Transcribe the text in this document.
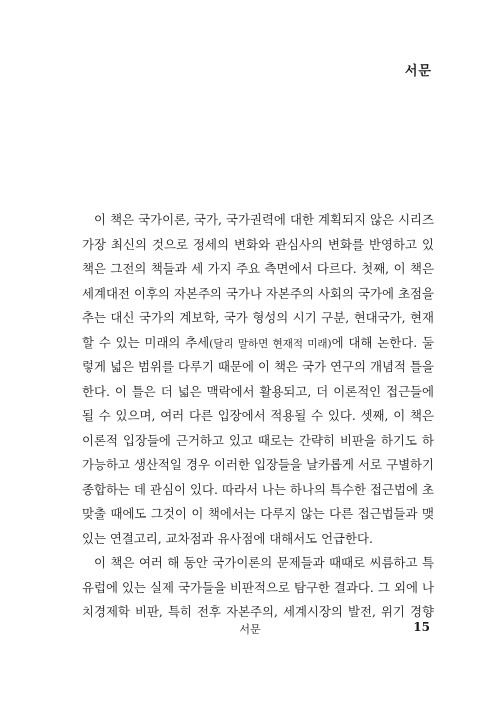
서문

이 책은 국가이론, 국가, 국가권력에 대한 계획되지 않은 시리즈
가장 최신의 것으로 정세의 변화와 관심사의 변화를 반영하고 있
책은 그전의 책들과 세 가지 주요 측면에서 다르다. 첫째, 이 책은
세계대전 이후의 자본주의 국가나 자본주의 사회의 국가에 초점을
추는 대신 국가의 계보학, 국가 형성의 시기 구분, 현대국가, 현재
할 수 있는 미래의 추세(달리 말하면 현재적 미래)에 대해 논한다. 둘
렇게 넓은 범위를 다루기 때문에 이 책은 국가 연구의 개념적 틀을
한다. 이 틀은 더 넓은 맥락에서 활용되고, 더 이론적인 접근들에
될 수 있으며, 여러 다른 입장에서 적용될 수 있다. 셋째, 이 책은
이론적 입장들에 근거하고 있고 때로는 간략히 비판을 하기도 하
가능하고 생산적일 경우 이러한 입장들을 날카롭게 서로 구별하기
종합하는 데 관심이 있다. 따라서 나는 하나의 특수한 접근법에 초
맞출 때에도 그것이 이 책에서는 다루지 않는 다른 접근법들과 맺
있는 연결고리, 교차점과 유사점에 대해서도 언급한다.

이 책은 여러 해 동안 국가이론의 문제들과 때때로 씨름하고 특
유럽에 있는 실제 국가들을 비판적으로 탐구한 결과다. 그 외에 나
치경제학 비판, 특히 전후 자본주의, 세계시장의 발전, 위기 경향

서문	15
